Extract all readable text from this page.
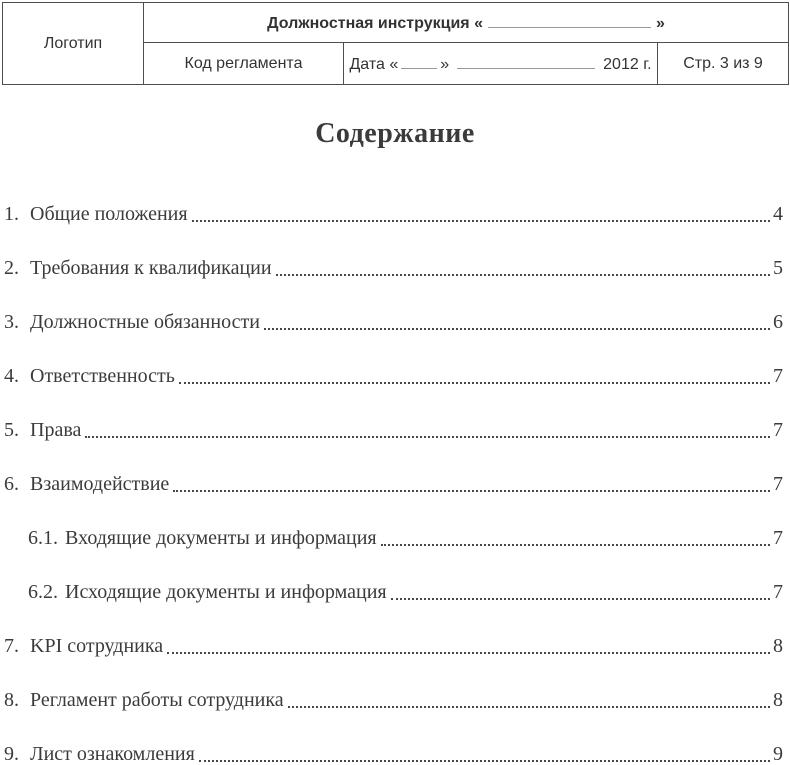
Логотип	Должностная инструкция « »		
	Код регламента	Дата « » 2012 г.	Стр. 3 из 9
Содержание
1. Общие положения	4
2. Требования к квалификации	5
3. Должностные обязанности	6
4. Ответственность	7
5. Права	7
6. Взаимодействие	7
6.1. Входящие документы и информация	7
6.2. Исходящие документы и информация	7
7. KPI сотрудника	8
8. Регламент работы сотрудника	8
9. Лист ознакомления	9
